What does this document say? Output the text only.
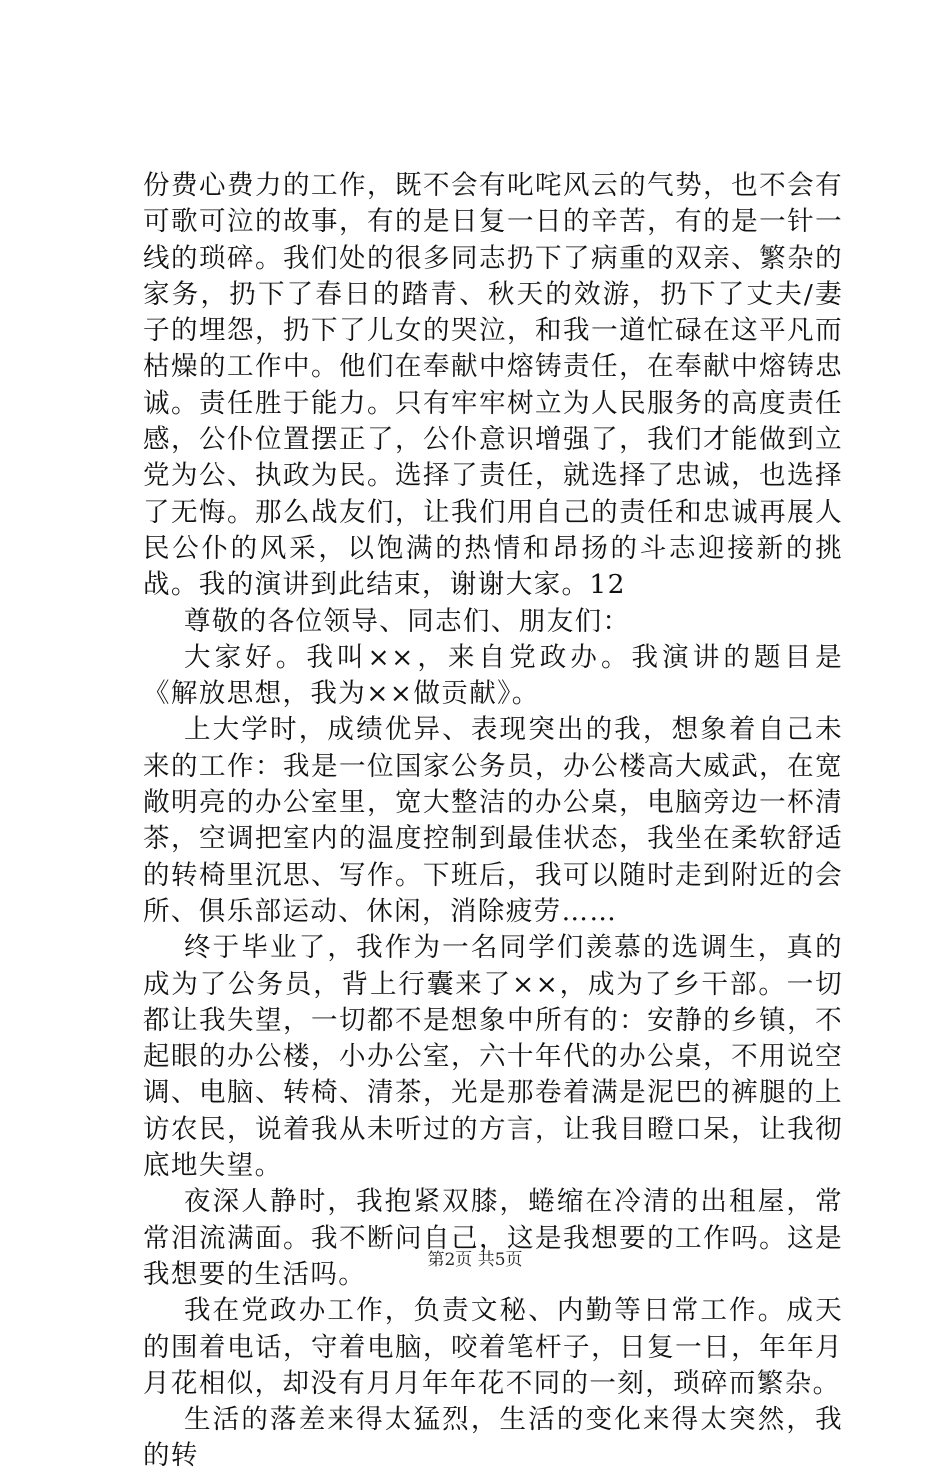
份费心费力的工作，既不会有叱咤风云的气势，也不会有可歌可泣的故事，有的是日复一日的辛苦，有的是一针一线的琐碎。我们处的很多同志扔下了病重的双亲、繁杂的家务，扔下了春日的踏青、秋天的效游，扔下了丈夫/妻子的埋怨，扔下了儿女的哭泣，和我一道忙碌在这平凡而枯燥的工作中。他们在奉献中熔铸责任，在奉献中熔铸忠诚。责任胜于能力。只有牢牢树立为人民服务的高度责任感，公仆位置摆正了，公仆意识增强了，我们才能做到立党为公、执政为民。选择了责任，就选择了忠诚，也选择了无悔。那么战友们，让我们用自己的责任和忠诚再展人民公仆的风采，以饱满的热情和昂扬的斗志迎接新的挑战。我的演讲到此结束，谢谢大家。12

尊敬的各位领导、同志们、朋友们：

大家好。我叫××，来自党政办。我演讲的题目是《解放思想，我为××做贡献》。

上大学时，成绩优异、表现突出的我，想象着自己未来的工作：我是一位国家公务员，办公楼高大威武，在宽敞明亮的办公室里，宽大整洁的办公桌，电脑旁边一杯清茶，空调把室内的温度控制到最佳状态，我坐在柔软舒适的转椅里沉思、写作。下班后，我可以随时走到附近的会所、俱乐部运动、休闲，消除疲劳……

终于毕业了，我作为一名同学们羡慕的选调生，真的成为了公务员，背上行囊来了××，成为了乡干部。一切都让我失望，一切都不是想象中所有的：安静的乡镇，不起眼的办公楼，小办公室，六十年代的办公桌，不用说空调、电脑、转椅、清茶，光是那卷着满是泥巴的裤腿的上访农民，说着我从未听过的方言，让我目瞪口呆，让我彻底地失望。

夜深人静时，我抱紧双膝，蜷缩在冷清的出租屋，常常泪流满面。我不断问自己，这是我想要的工作吗。这是我想要的生活吗。

我在党政办工作，负责文秘、内勤等日常工作。成天的围着电话，守着电脑，咬着笔杆子，日复一日，年年月月花相似，却没有月月年年花不同的一刻，琐碎而繁杂。

生活的落差来得太猛烈，生活的变化来得太突然，我的转

第2页 共5页
